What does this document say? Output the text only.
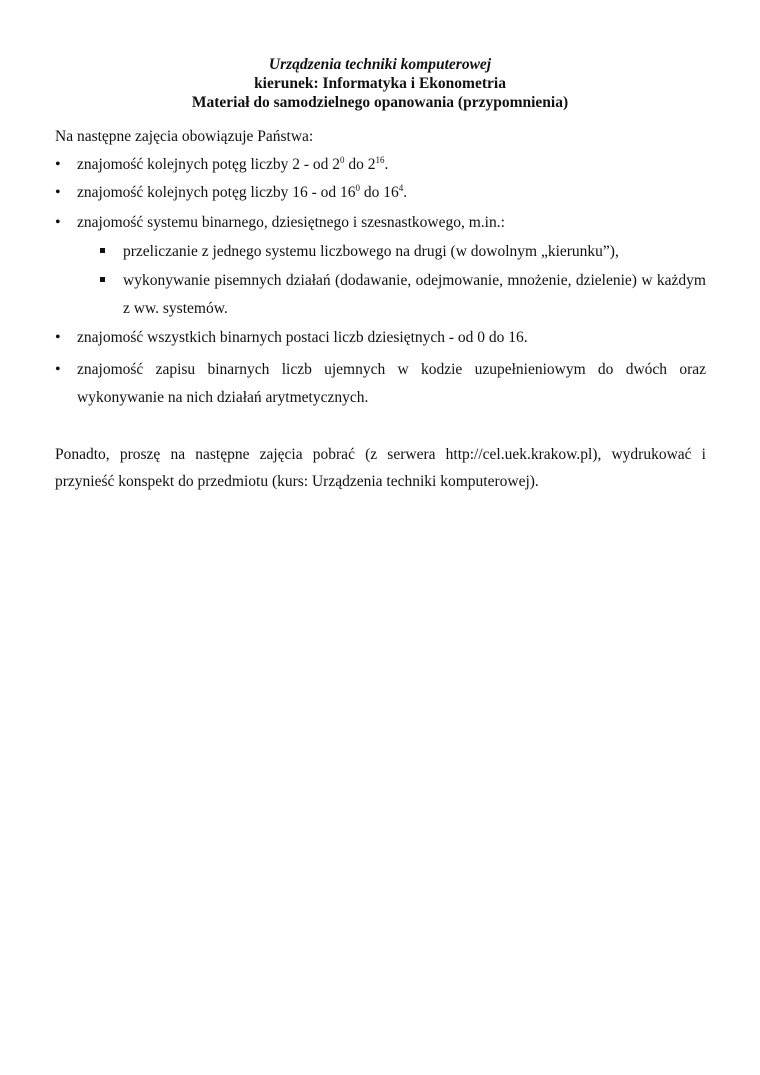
Urządzenia techniki komputerowej
kierunek: Informatyka i Ekonometria
Materiał do samodzielnego opanowania (przypomnienia)
Na następne zajęcia obowiązuje Państwa:
•	znajomość kolejnych potęg liczby 2 - od $2^0$ do $2^{16}$.
•	znajomość kolejnych potęg liczby 16 - od $16^0$ do $16^4$.
•	znajomość systemu binarnego, dziesiętnego i szesnastkowego, m.in.:
przeliczanie z jednego systemu liczbowego na drugi (w dowolnym „kierunku”),
wykonywanie pisemnych działań (dodawanie, odejmowanie, mnożenie, dzielenie) w każdym z ww. systemów.
•	znajomość wszystkich binarnych postaci liczb dziesiętnych - od 0 do 16.
•	znajomość zapisu binarnych liczb ujemnych w kodzie uzupełnieniowym do dwóch oraz wykonywanie na nich działań arytmetycznych.
Ponadto, proszę na następne zajęcia pobrać (z serwera http://cel.uek.krakow.pl), wydrukować i przynieść konspekt do przedmiotu (kurs: Urządzenia techniki komputerowej).
